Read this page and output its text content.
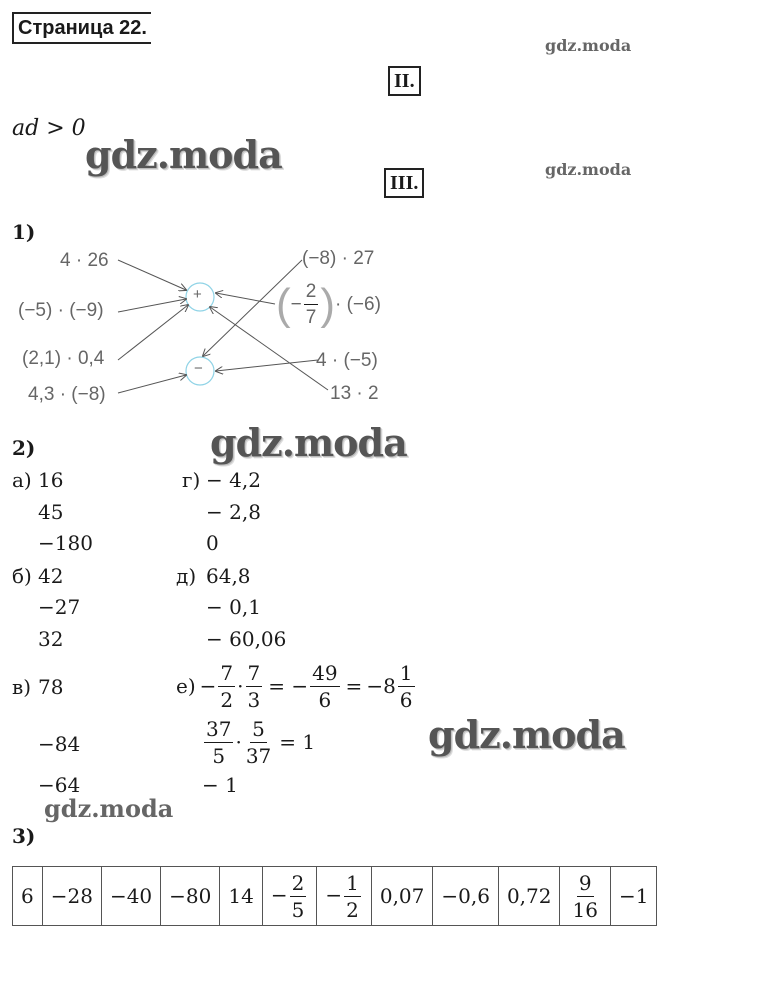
Страница 22.
gdz.moda
II.
ad > 0
gdz.moda
III.
gdz.moda
1)
+
−
4 · 26
(−5) · (−9)
(2,1) · 0,4
4,3 · (−8)
(−8) · 27
( − $\frac{2}{7}$ ) · (−6)
4 · (−5)
13 · 2
2)	gdz.moda
а) 16
45
−180
б) 42
−27
32
в) 78
−84
−64
г) − 4,2
− 2,8
0
д) 64,8
− 0,1
− 60,06
$е) - \frac{7}{2} \cdot \frac{7}{3}$  = − $\frac{49}{6} = -8 \frac{1}{6}$
$\frac{37}{5} \cdot \frac{5}{37}$
  = 1
− 1
gdz.moda
gdz.moda
3)
6	−28	−40	−80	14	− $\frac{2}{5}$	− $\frac{1}{2}$	0,07	−0,6	0,72	$\frac{9}{16}$	−1
